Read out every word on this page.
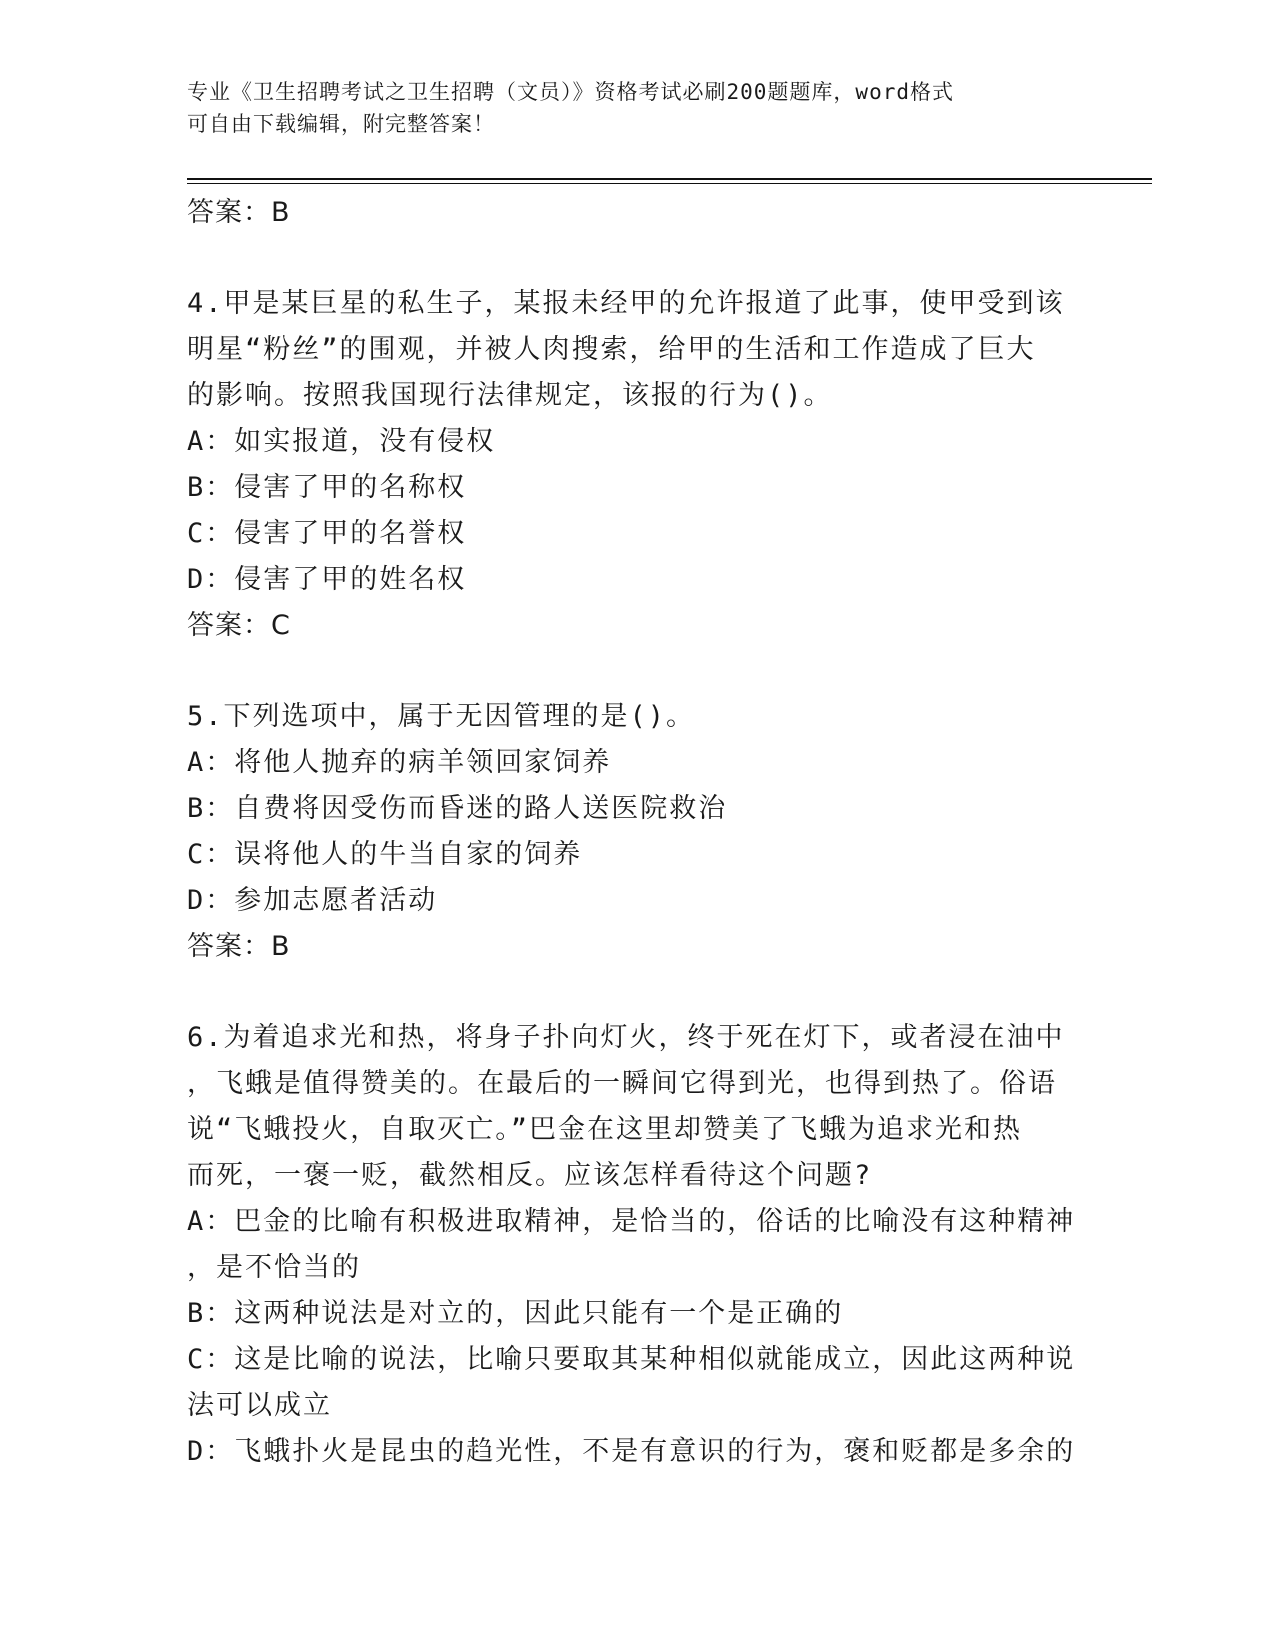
专业《卫生招聘考试之卫生招聘（文员）》资格考试必刷200题题库，word格式
可自由下载编辑，附完整答案！
答案：B
4.甲是某巨星的私生子，某报未经甲的允许报道了此事，使甲受到该
明星“粉丝”的围观，并被人肉搜索，给甲的生活和工作造成了巨大
的影响。按照我国现行法律规定，该报的行为()。
A：如实报道，没有侵权
B：侵害了甲的名称权
C：侵害了甲的名誉权
D：侵害了甲的姓名权
答案：C
5.下列选项中，属于无因管理的是()。
A：将他人抛弃的病羊领回家饲养
B：自费将因受伤而昏迷的路人送医院救治
C：误将他人的牛当自家的饲养
D：参加志愿者活动
答案：B
6.为着追求光和热，将身子扑向灯火，终于死在灯下，或者浸在油中
，飞蛾是值得赞美的。在最后的一瞬间它得到光，也得到热了。俗语
说“飞蛾投火，自取灭亡。”巴金在这里却赞美了飞蛾为追求光和热
而死，一褒一贬，截然相反。应该怎样看待这个问题?
A：巴金的比喻有积极进取精神，是恰当的，俗话的比喻没有这种精神
，是不恰当的
B：这两种说法是对立的，因此只能有一个是正确的
C：这是比喻的说法，比喻只要取其某种相似就能成立，因此这两种说
法可以成立
D：飞蛾扑火是昆虫的趋光性，不是有意识的行为，褒和贬都是多余的
